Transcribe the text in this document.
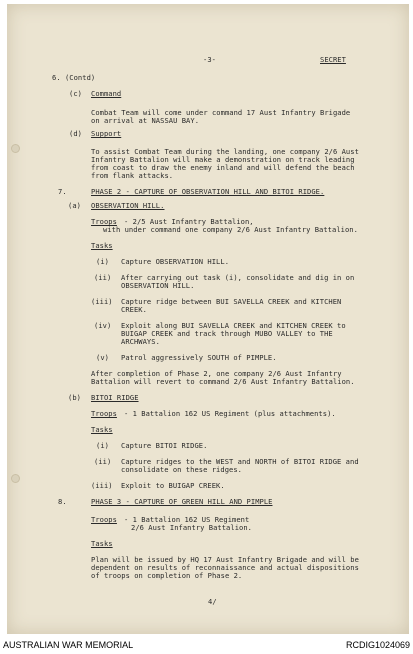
-3-	SECRET
6. (Contd)
(c) Command
Combat Team will come under command 17 Aust Infantry Brigade
on arrival at NASSAU BAY.
(d) Support
To assist Combat Team during the landing, one company 2/6 Aust
Infantry Battalion will make a demonstration on track leading
from coast to draw the enemy inland and will defend the beach
from flank attacks.
7.	PHASE 2 - CAPTURE OF OBSERVATION HILL AND BITOI RIDGE.
(a) OBSERVATION HILL.
Troops - 2/5 Aust Infantry Battalion,
with under command one company 2/6 Aust Infantry Battalion.
Tasks
(i) Capture OBSERVATION HILL.
(ii) After carrying out task (i), consolidate and dig in on
OBSERVATION HILL.
(iii) Capture ridge between BUI SAVELLA CREEK and KITCHEN
CREEK.
(iv) Exploit along BUI SAVELLA CREEK and KITCHEN CREEK to
BUIGAP CREEK and track through MUBO VALLEY to THE
ARCHWAYS.
(v) Patrol aggressively SOUTH of PIMPLE.
After completion of Phase 2, one company 2/6 Aust Infantry
Battalion will revert to command 2/6 Aust Infantry Battalion.
(b) BITOI RIDGE
Troops - 1 Battalion 162 US Regiment (plus attachments).
Tasks
(i) Capture BITOI RIDGE.
(ii) Capture ridges to the WEST and NORTH of BITOI RIDGE and
consolidate on these ridges.
(iii) Exploit to BUIGAP CREEK.
8.	PHASE 3 - CAPTURE OF GREEN HILL AND PIMPLE
Troops - 1 Battalion 162 US Regiment
2/6 Aust Infantry Battalion.
Tasks
Plan will be issued by HQ 17 Aust Infantry Brigade and will be
dependent on results of reconnaissance and actual dispositions
of troops on completion of Phase 2.
4/
AUSTRALIAN WAR MEMORIAL	RCDIG1024069
